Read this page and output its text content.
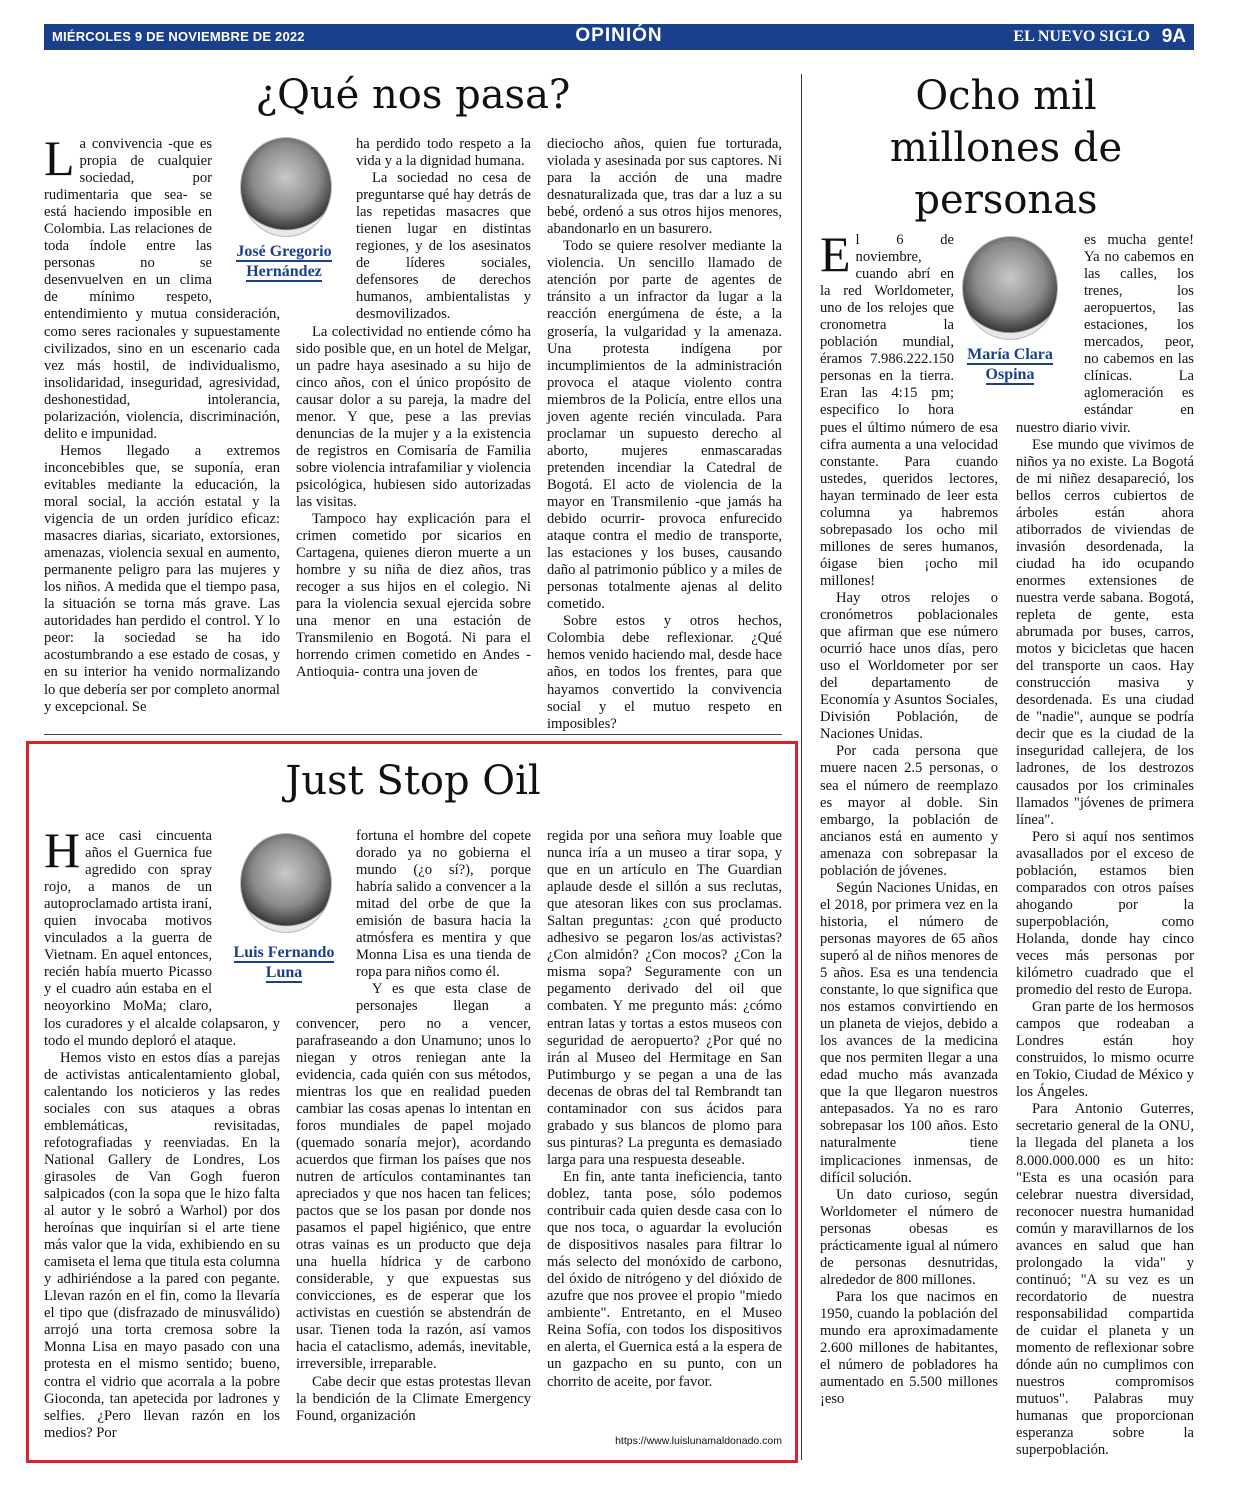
MIÉRCOLES 9 DE NOVIEMBRE DE 2022	OPINIÓN	EL NUEVO SIGLO 9A
¿Qué nos pasa?
José Gregorio Hernández

La convivencia -que es propia de cualquier sociedad, por rudimentaria que sea- se está haciendo imposible en Colombia. Las relaciones de toda índole entre las personas no se desenvuelven en un clima de mínimo respeto, entendimiento y mutua consideración, como seres racionales y supuestamente civilizados, sino en un escenario cada vez más hostil, de individualismo, insolidaridad, inseguridad, agresividad, deshonestidad, intolerancia, polarización, violencia, discriminación, delito e impunidad.

Hemos llegado a extremos inconcebibles que, se suponía, eran evitables mediante la educación, la moral social, la acción estatal y la vigencia de un orden jurídico eficaz: masacres diarias, sicariato, extorsiones, amenazas, violencia sexual en aumento, permanente peligro para las mujeres y los niños. A medida que el tiempo pasa, la situación se torna más grave. Las autoridades han perdido el control. Y lo peor: la sociedad se ha ido acostumbrando a ese estado de cosas, y en su interior ha venido normalizando lo que debería ser por completo anormal y excepcional. Se

ha perdido todo respeto a la vida y a la dignidad humana.

La sociedad no cesa de preguntarse qué hay detrás de las repetidas masacres que tienen lugar en distintas regiones, y de los asesinatos de líderes sociales, defensores de derechos humanos, ambientalistas y desmovilizados.

La colectividad no entiende cómo ha sido posible que, en un hotel de Melgar, un padre haya asesinado a su hijo de cinco años, con el único propósito de causar dolor a su pareja, la madre del menor. Y que, pese a las previas denuncias de la mujer y a la existencia de registros en Comisaría de Familia sobre violencia intrafamiliar y violencia psicológica, hubiesen sido autorizadas las visitas.

Tampoco hay explicación para el crimen cometido por sicarios en Cartagena, quienes dieron muerte a un hombre y su niña de diez años, tras recoger a sus hijos en el colegio. Ni para la violencia sexual ejercida sobre una menor en una estación de Transmilenio en Bogotá. Ni para el horrendo crimen cometido en Andes -Antioquia- contra una joven de

dieciocho años, quien fue torturada, violada y asesinada por sus captores. Ni para la acción de una madre desnaturalizada que, tras dar a luz a su bebé, ordenó a sus otros hijos menores, abandonarlo en un basurero.

Todo se quiere resolver mediante la violencia. Un sencillo llamado de atención por parte de agentes de tránsito a un infractor da lugar a la reacción energúmena de éste, a la grosería, la vulgaridad y la amenaza. Una protesta indígena por incumplimientos de la administración provoca el ataque violento contra miembros de la Policía, entre ellos una joven agente recién vinculada. Para proclamar un supuesto derecho al aborto, mujeres enmascaradas pretenden incendiar la Catedral de Bogotá. El acto de violencia de la mayor en Transmilenio -que jamás ha debido ocurrir- provoca enfurecido ataque contra el medio de transporte, las estaciones y los buses, causando daño al patrimonio público y a miles de personas totalmente ajenas al delito cometido.

Sobre estos y otros hechos, Colombia debe reflexionar. ¿Qué hemos venido haciendo mal, desde hace años, en todos los frentes, para que hayamos convertido la convivencia social y el mutuo respeto en imposibles?

Just Stop Oil
Luis Fernando Luna

Hace casi cincuenta años el Guernica fue agredido con spray rojo, a manos de un autoproclamado artista iraní, quien invocaba motivos vinculados a la guerra de Vietnam. En aquel entonces, recién había muerto Picasso y el cuadro aún estaba en el neoyorkino MoMa; claro, los curadores y el alcalde colapsaron, y todo el mundo deploró el ataque.

Hemos visto en estos días a parejas de activistas anticalentamiento global, calentando los noticieros y las redes sociales con sus ataques a obras emblemáticas, revisitadas, refotografiadas y reenviadas. En la National Gallery de Londres, Los girasoles de Van Gogh fueron salpicados (con la sopa que le hizo falta al autor y le sobró a Warhol) por dos heroínas que inquirían si el arte tiene más valor que la vida, exhibiendo en su camiseta el lema que titula esta columna y adhiriéndose a la pared con pegante. Llevan razón en el fin, como la llevaría el tipo que (disfrazado de minusválido) arrojó una torta cremosa sobre la Monna Lisa en mayo pasado con una protesta en el mismo sentido; bueno, contra el vidrio que acorrala a la pobre Gioconda, tan apetecida por ladrones y selfies. ¿Pero llevan razón en los medios? Por

fortuna el hombre del copete dorado ya no gobierna el mundo (¿o sí?), porque habría salido a convencer a la mitad del orbe de que la emisión de basura hacia la atmósfera es mentira y que Monna Lisa es una tienda de ropa para niños como él.

Y es que esta clase de personajes llegan a convencer, pero no a vencer, parafraseando a don Unamuno; unos lo niegan y otros reniegan ante la evidencia, cada quién con sus métodos, mientras los que en realidad pueden cambiar las cosas apenas lo intentan en foros mundiales de papel mojado (quemado sonaría mejor), acordando acuerdos que firman los países que nos nutren de artículos contaminantes tan apreciados y que nos hacen tan felices; pactos que se los pasan por donde nos pasamos el papel higiénico, que entre otras vainas es un producto que deja una huella hídrica y de carbono considerable, y que expuestas sus convicciones, es de esperar que los activistas en cuestión se abstendrán de usar. Tienen toda la razón, así vamos hacia el cataclismo, además, inevitable, irreversible, irreparable.

Cabe decir que estas protestas llevan la bendición de la Climate Emergency Found, organización

regida por una señora muy loable que nunca iría a un museo a tirar sopa, y que en un artículo en The Guardian aplaude desde el sillón a sus reclutas, que atesoran likes con sus proclamas. Saltan preguntas: ¿con qué producto adhesivo se pegaron los/as activistas? ¿Con almidón? ¿Con mocos? ¿Con la misma sopa? Seguramente con un pegamento derivado del oil que combaten. Y me pregunto más: ¿cómo entran latas y tortas a estos museos con seguridad de aeropuerto? ¿Por qué no irán al Museo del Hermitage en San Putimburgo y se pegan a una de las decenas de obras del tal Rembrandt tan contaminador con sus ácidos para grabado y sus blancos de plomo para sus pinturas? La pregunta es demasiado larga para una respuesta deseable.

En fin, ante tanta ineficiencia, tanto doblez, tanta pose, sólo podemos contribuir cada quien desde casa con lo que nos toca, o aguardar la evolución de dispositivos nasales para filtrar lo más selecto del monóxido de carbono, del óxido de nitrógeno y del dióxido de azufre que nos provee el propio "miedo ambiente". Entretanto, en el Museo Reina Sofía, con todos los dispositivos en alerta, el Guernica está a la espera de un gazpacho en su punto, con un chorrito de aceite, por favor.

https://www.luislunamaldonado.com
Ocho mil
millones de
personas
María Clara Ospina

El 6 de noviembre, cuando abrí en la red Worldometer, uno de los relojes que cronometra la población mundial, éramos 7.986.222.150 personas en la tierra. Eran las 4:15 pm; especifico lo hora pues el último número de esa cifra aumenta a una velocidad constante. Para cuando ustedes, queridos lectores, hayan terminado de leer esta columna ya habremos sobrepasado los ocho mil millones de seres humanos, óigase bien ¡ocho mil millones!

Hay otros relojes o cronómetros poblacionales que afirman que ese número ocurrió hace unos días, pero uso el Worldometer por ser del departamento de Economía y Asuntos Sociales, División Población, de Naciones Unidas.

Por cada persona que muere nacen 2.5 personas, o sea el número de reemplazo es mayor al doble. Sin embargo, la población de ancianos está en aumento y amenaza con sobrepasar la población de jóvenes.

Según Naciones Unidas, en el 2018, por primera vez en la historia, el número de personas mayores de 65 años superó al de niños menores de 5 años. Esa es una tendencia constante, lo que significa que nos estamos convirtiendo en un planeta de viejos, debido a los avances de la medicina que nos permiten llegar a una edad mucho más avanzada que la que llegaron nuestros antepasados. Ya no es raro sobrepasar los 100 años. Esto naturalmente tiene implicaciones inmensas, de difícil solución.

Un dato curioso, según Worldometer el número de personas obesas es prácticamente igual al número de personas desnutridas, alrededor de 800 millones.

Para los que nacimos en 1950, cuando la población del mundo era aproximadamente 2.600 millones de habitantes, el número de pobladores ha aumentado en 5.500 millones ¡eso

es mucha gente! Ya no cabemos en las calles, los trenes, los aeropuertos, las estaciones, los mercados, peor, no cabemos en las clínicas. La aglomeración es estándar en nuestro diario vivir.

Ese mundo que vivimos de niños ya no existe. La Bogotá de mi niñez desapareció, los bellos cerros cubiertos de árboles están ahora atiborrados de viviendas de invasión desordenada, la ciudad ha ido ocupando enormes extensiones de nuestra verde sabana. Bogotá, repleta de gente, esta abrumada por buses, carros, motos y bicicletas que hacen del transporte un caos. Hay construcción masiva y desordenada. Es una ciudad de "nadie", aunque se podría decir que es la ciudad de la inseguridad callejera, de los ladrones, de los destrozos causados por los criminales llamados "jóvenes de primera línea".

Pero si aquí nos sentimos avasallados por el exceso de población, estamos bien comparados con otros países ahogando por la superpoblación, como Holanda, donde hay cinco veces más personas por kilómetro cuadrado que el promedio del resto de Europa.

Gran parte de los hermosos campos que rodeaban a Londres están hoy construidos, lo mismo ocurre en Tokio, Ciudad de México y los Ángeles.

Para Antonio Guterres, secretario general de la ONU, la llegada del planeta a los 8.000.000.000 es un hito: "Esta es una ocasión para celebrar nuestra diversidad, reconocer nuestra humanidad común y maravillarnos de los avances en salud que han prolongado la vida" y continuó; "A su vez es un recordatorio de nuestra responsabilidad compartida de cuidar el planeta y un momento de reflexionar sobre dónde aún no cumplimos con nuestros compromisos mutuos". Palabras muy humanas que proporcionan esperanza sobre la superpoblación.
